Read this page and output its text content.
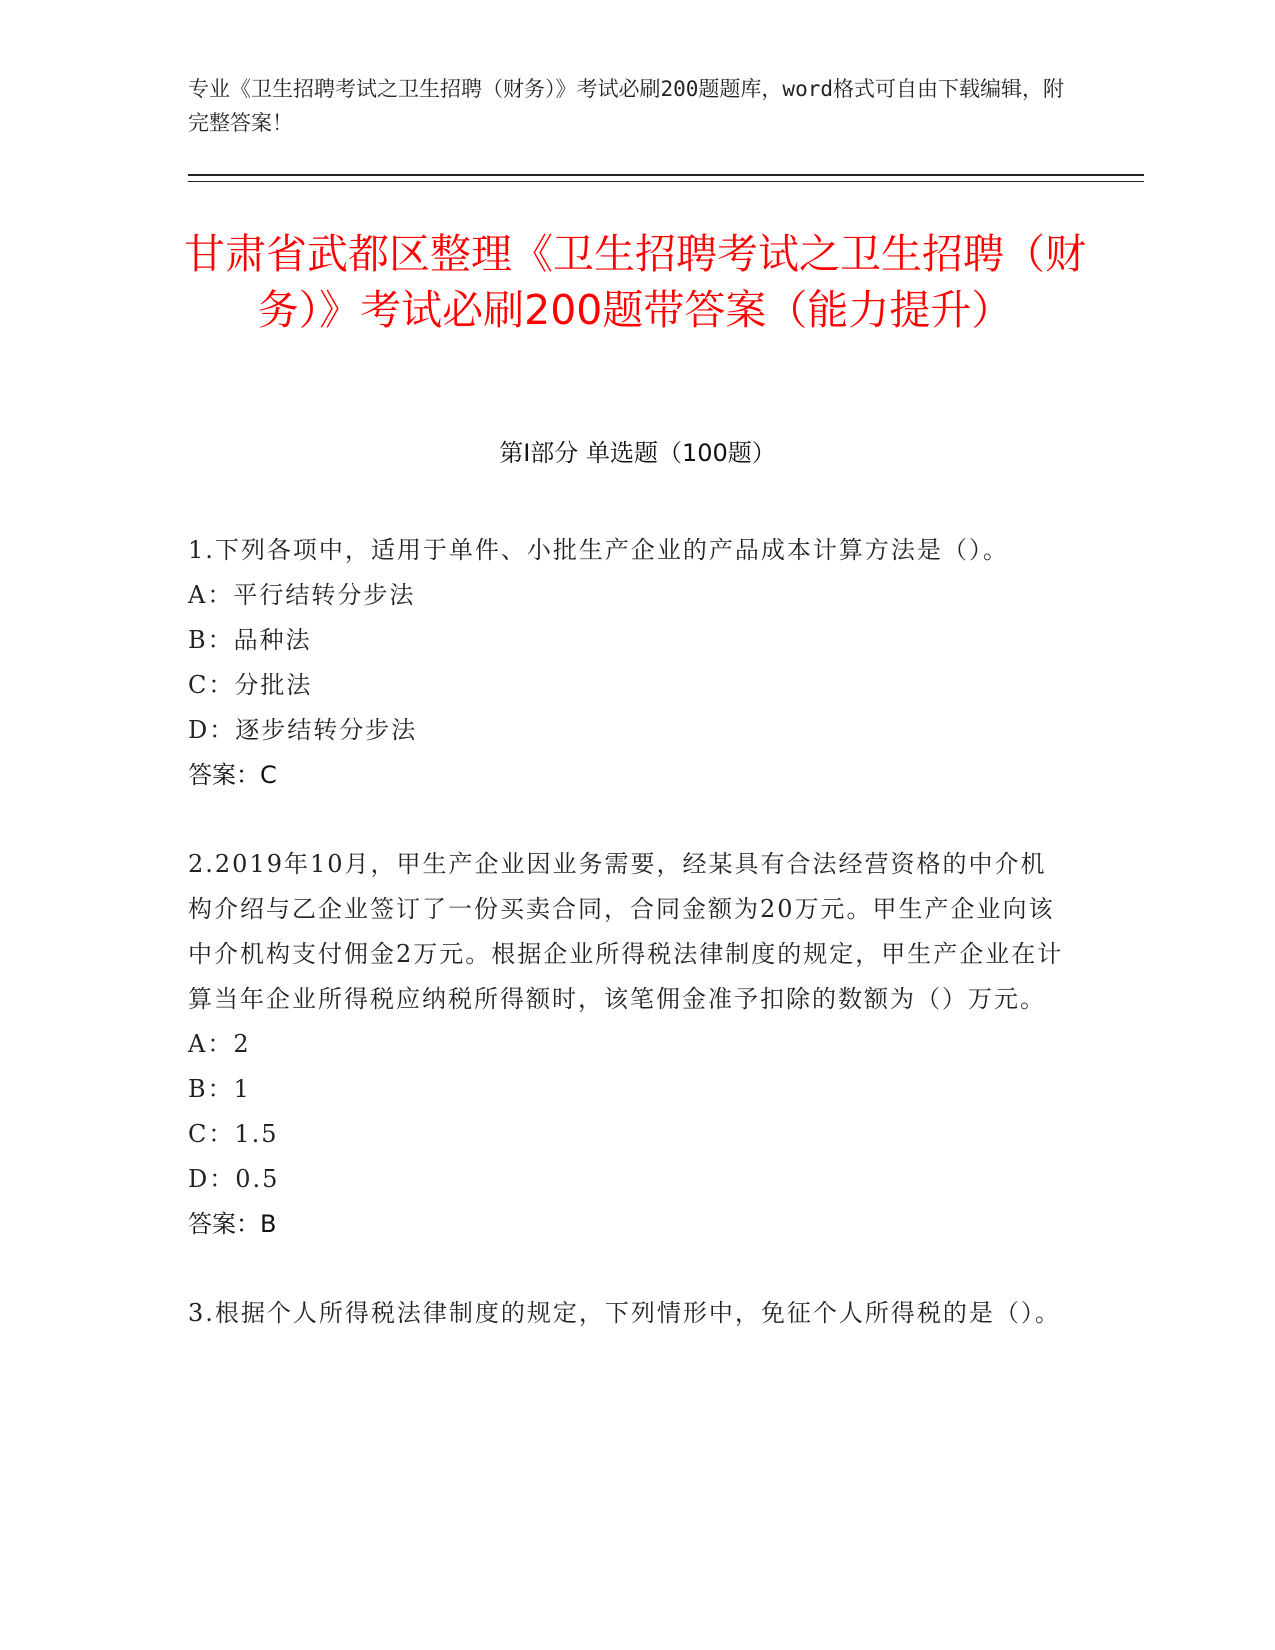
专业《卫生招聘考试之卫生招聘（财务）》考试必刷200题题库，word格式可自由下载编辑，附完整答案！
甘肃省武都区整理《卫生招聘考试之卫生招聘（财务）》考试必刷200题带答案（能力提升）
第I部分 单选题（100题）
1.下列各项中，适用于单件、小批生产企业的产品成本计算方法是（）。
A：平行结转分步法
B：品种法
C：分批法
D：逐步结转分步法
答案：C
2.2019年10月，甲生产企业因业务需要，经某具有合法经营资格的中介机构介绍与乙企业签订了一份买卖合同，合同金额为20万元。甲生产企业向该中介机构支付佣金2万元。根据企业所得税法律制度的规定，甲生产企业在计算当年企业所得税应纳税所得额时，该笔佣金准予扣除的数额为（）万元。
A：2
B：1
C：1.5
D：0.5
答案：B
3.根据个人所得税法律制度的规定，下列情形中，免征个人所得税的是（）。
